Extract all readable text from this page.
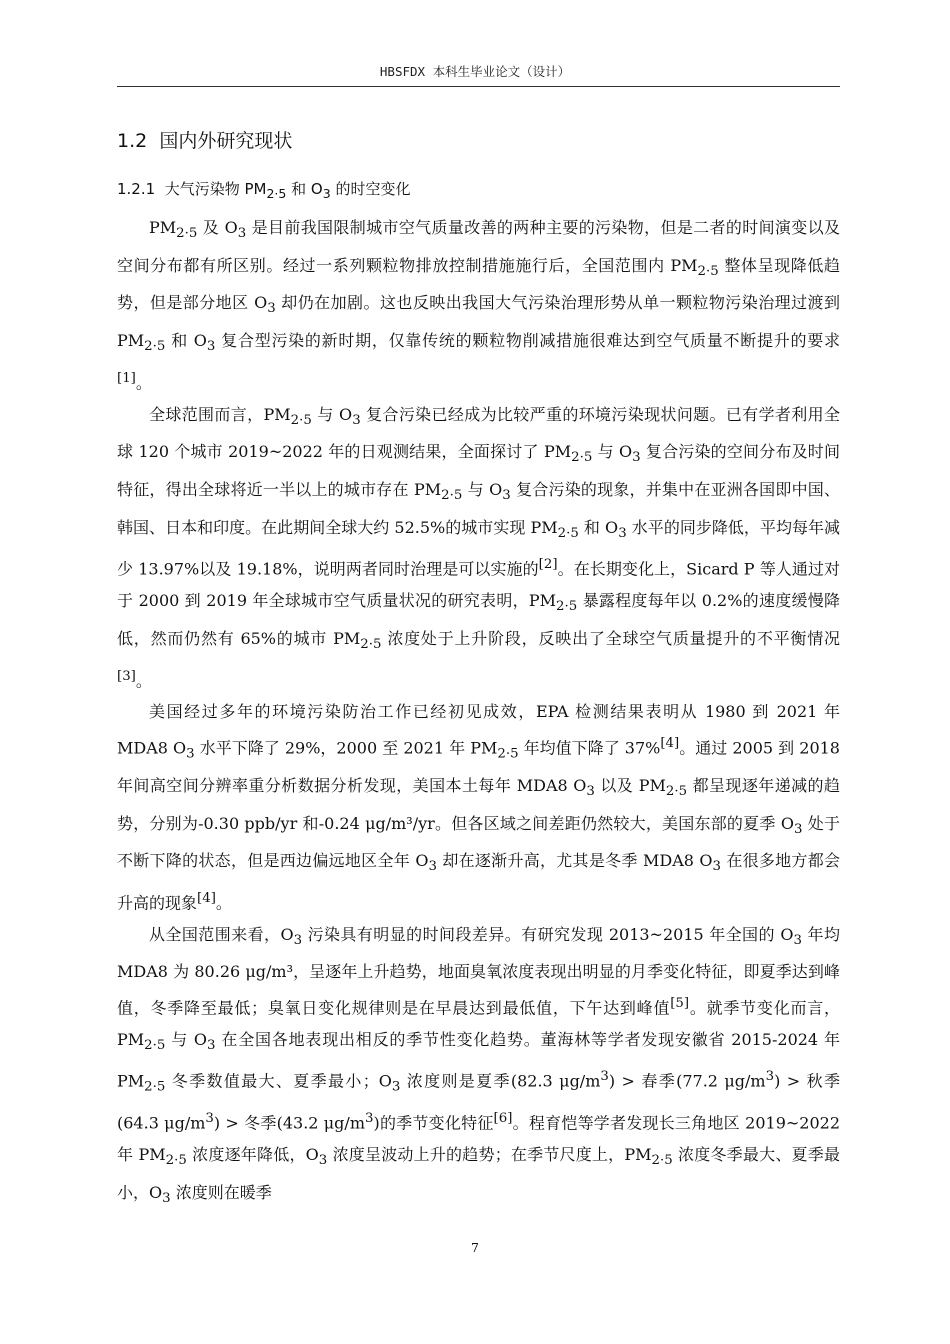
HBSFDX 本科生毕业论文（设计）
1.2 国内外研究现状
1.2.1 大气污染物 $PM_{2\cdot 5}$ 和 $O_3$ 的时空变化

$PM_{2\cdot 5}$ 及 $O_3$ 是目前我国限制城市空气质量改善的两种主要的污染物，但是二者的时间演变以及空间分布都有所区别。经过一系列颗粒物排放控制措施施行后，全国范围内 $PM_{2\cdot 5}$ 整体呈现降低趋势，但是部分地区 $O_3$ 却仍在加剧。这也反映出我国大气污染治理形势从单一颗粒物污染治理过渡到 $PM_{2\cdot 5}$ 和 $O_3$ 复合型污染的新时期，仅靠传统的颗粒物削减措施很难达到空气质量不断提升的要求[1]。

全球范围而言，$PM_{2\cdot 5}$ 与 $O_3$ 复合污染已经成为比较严重的环境污染现状问题。已有学者利用全球 120 个城市 2019~2022 年的日观测结果，全面探讨了 $PM_{2\cdot 5}$ 与 $O_3$ 复合污染的空间分布及时间特征，得出全球将近一半以上的城市存在 $PM_{2\cdot 5}$ 与 $O_3$ 复合污染的现象，并集中在亚洲各国即中国、韩国、日本和印度。在此期间全球大约 52.5%的城市实现 $PM_{2\cdot 5}$ 和 $O_3$ 水平的同步降低，平均每年减少 13.97%以及 19.18%，说明两者同时治理是可以实施的[2]。在长期变化上，Sicard P 等人通过对于 2000 到 2019 年全球城市空气质量状况的研究表明，$PM_{2\cdot 5}$ 暴露程度每年以 0.2%的速度缓慢降低，然而仍然有 65%的城市 $PM_{2\cdot 5}$ 浓度处于上升阶段，反映出了全球空气质量提升的不平衡情况[3]。

美国经过多年的环境污染防治工作已经初见成效，EPA 检测结果表明从 1980 到 2021 年 MDA8 $O_3$ 水平下降了 29%，2000 至 2021 年 $PM_{2\cdot 5}$ 年均值下降了 37%[4]。通过 2005 到 2018 年间高空间分辨率重分析数据分析发现，美国本土每年 MDA8 $O_3$ 以及 $PM_{2\cdot 5}$ 都呈现逐年递减的趋势，分别为-0.30 ppb/yr 和-0.24 μg/m³/yr。但各区域之间差距仍然较大，美国东部的夏季 $O_3$ 处于不断下降的状态，但是西边偏远地区全年 $O_3$ 却在逐渐升高，尤其是冬季 MDA8 $O_3$ 在很多地方都会升高的现象[4]。

从全国范围来看，$O_3$ 污染具有明显的时间段差异。有研究发现 2013~2015 年全国的 $O_3$ 年均 MDA8 为 80.26 μg/m³，呈逐年上升趋势，地面臭氧浓度表现出明显的月季变化特征，即夏季达到峰值，冬季降至最低；臭氧日变化规律则是在早晨达到最低值，下午达到峰值[5]。就季节变化而言，$PM_{2\cdot 5}$ 与 $O_3$ 在全国各地表现出相反的季节性变化趋势。董海林等学者发现安徽省 2015-2024 年 $PM_{2\cdot 5}$ 冬季数值最大、夏季最小；$O_3$ 浓度则是夏季(82.3 $\mu g/m^3$) > 春季(77.2 $\mu g/m^3$) > 秋季(64.3 $\mu g/m^3$) > 冬季(43.2 $\mu g/m^3$)的季节变化特征[6]。程育恺等学者发现长三角地区 2019~2022 年 $PM_{2\cdot 5}$ 浓度逐年降低，$O_3$ 浓度呈波动上升的趋势；在季节尺度上，$PM_{2\cdot 5}$ 浓度冬季最大、夏季最小，$O_3$ 浓度则在暖季

7
